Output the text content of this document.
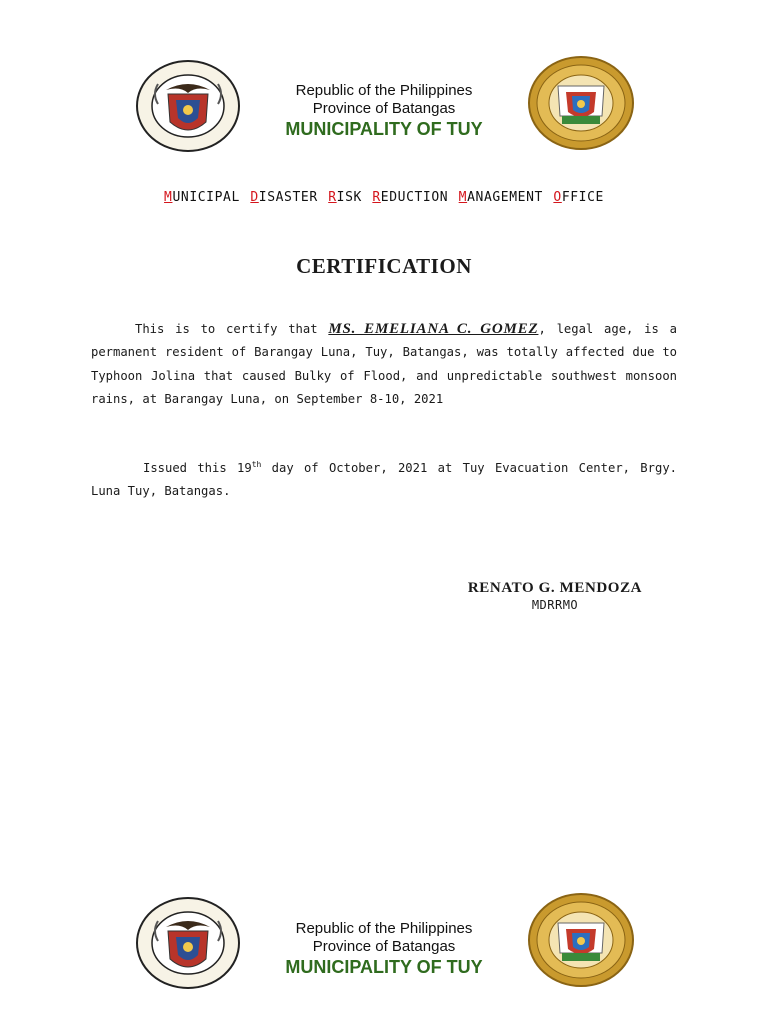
Republic of the Philippines
Province of Batangas
MUNICIPALITY OF TUY
MUNICIPAL DISASTER RISK REDUCTION MANAGEMENT OFFICE
CERTIFICATION
This is to certify that MS. EMELIANA C. GOMEZ, legal age, is a permanent resident of Barangay Luna, Tuy, Batangas, was totally affected due to Typhoon Jolina that caused Bulky of Flood, and unpredictable southwest monsoon rains, at Barangay Luna, on September 8-10, 2021
Issued this 19th day of October, 2021 at Tuy Evacuation Center, Brgy. Luna Tuy, Batangas.
RENATO G. MENDOZA
MDRRMO
Republic of the Philippines
Province of Batangas
MUNICIPALITY OF TUY
